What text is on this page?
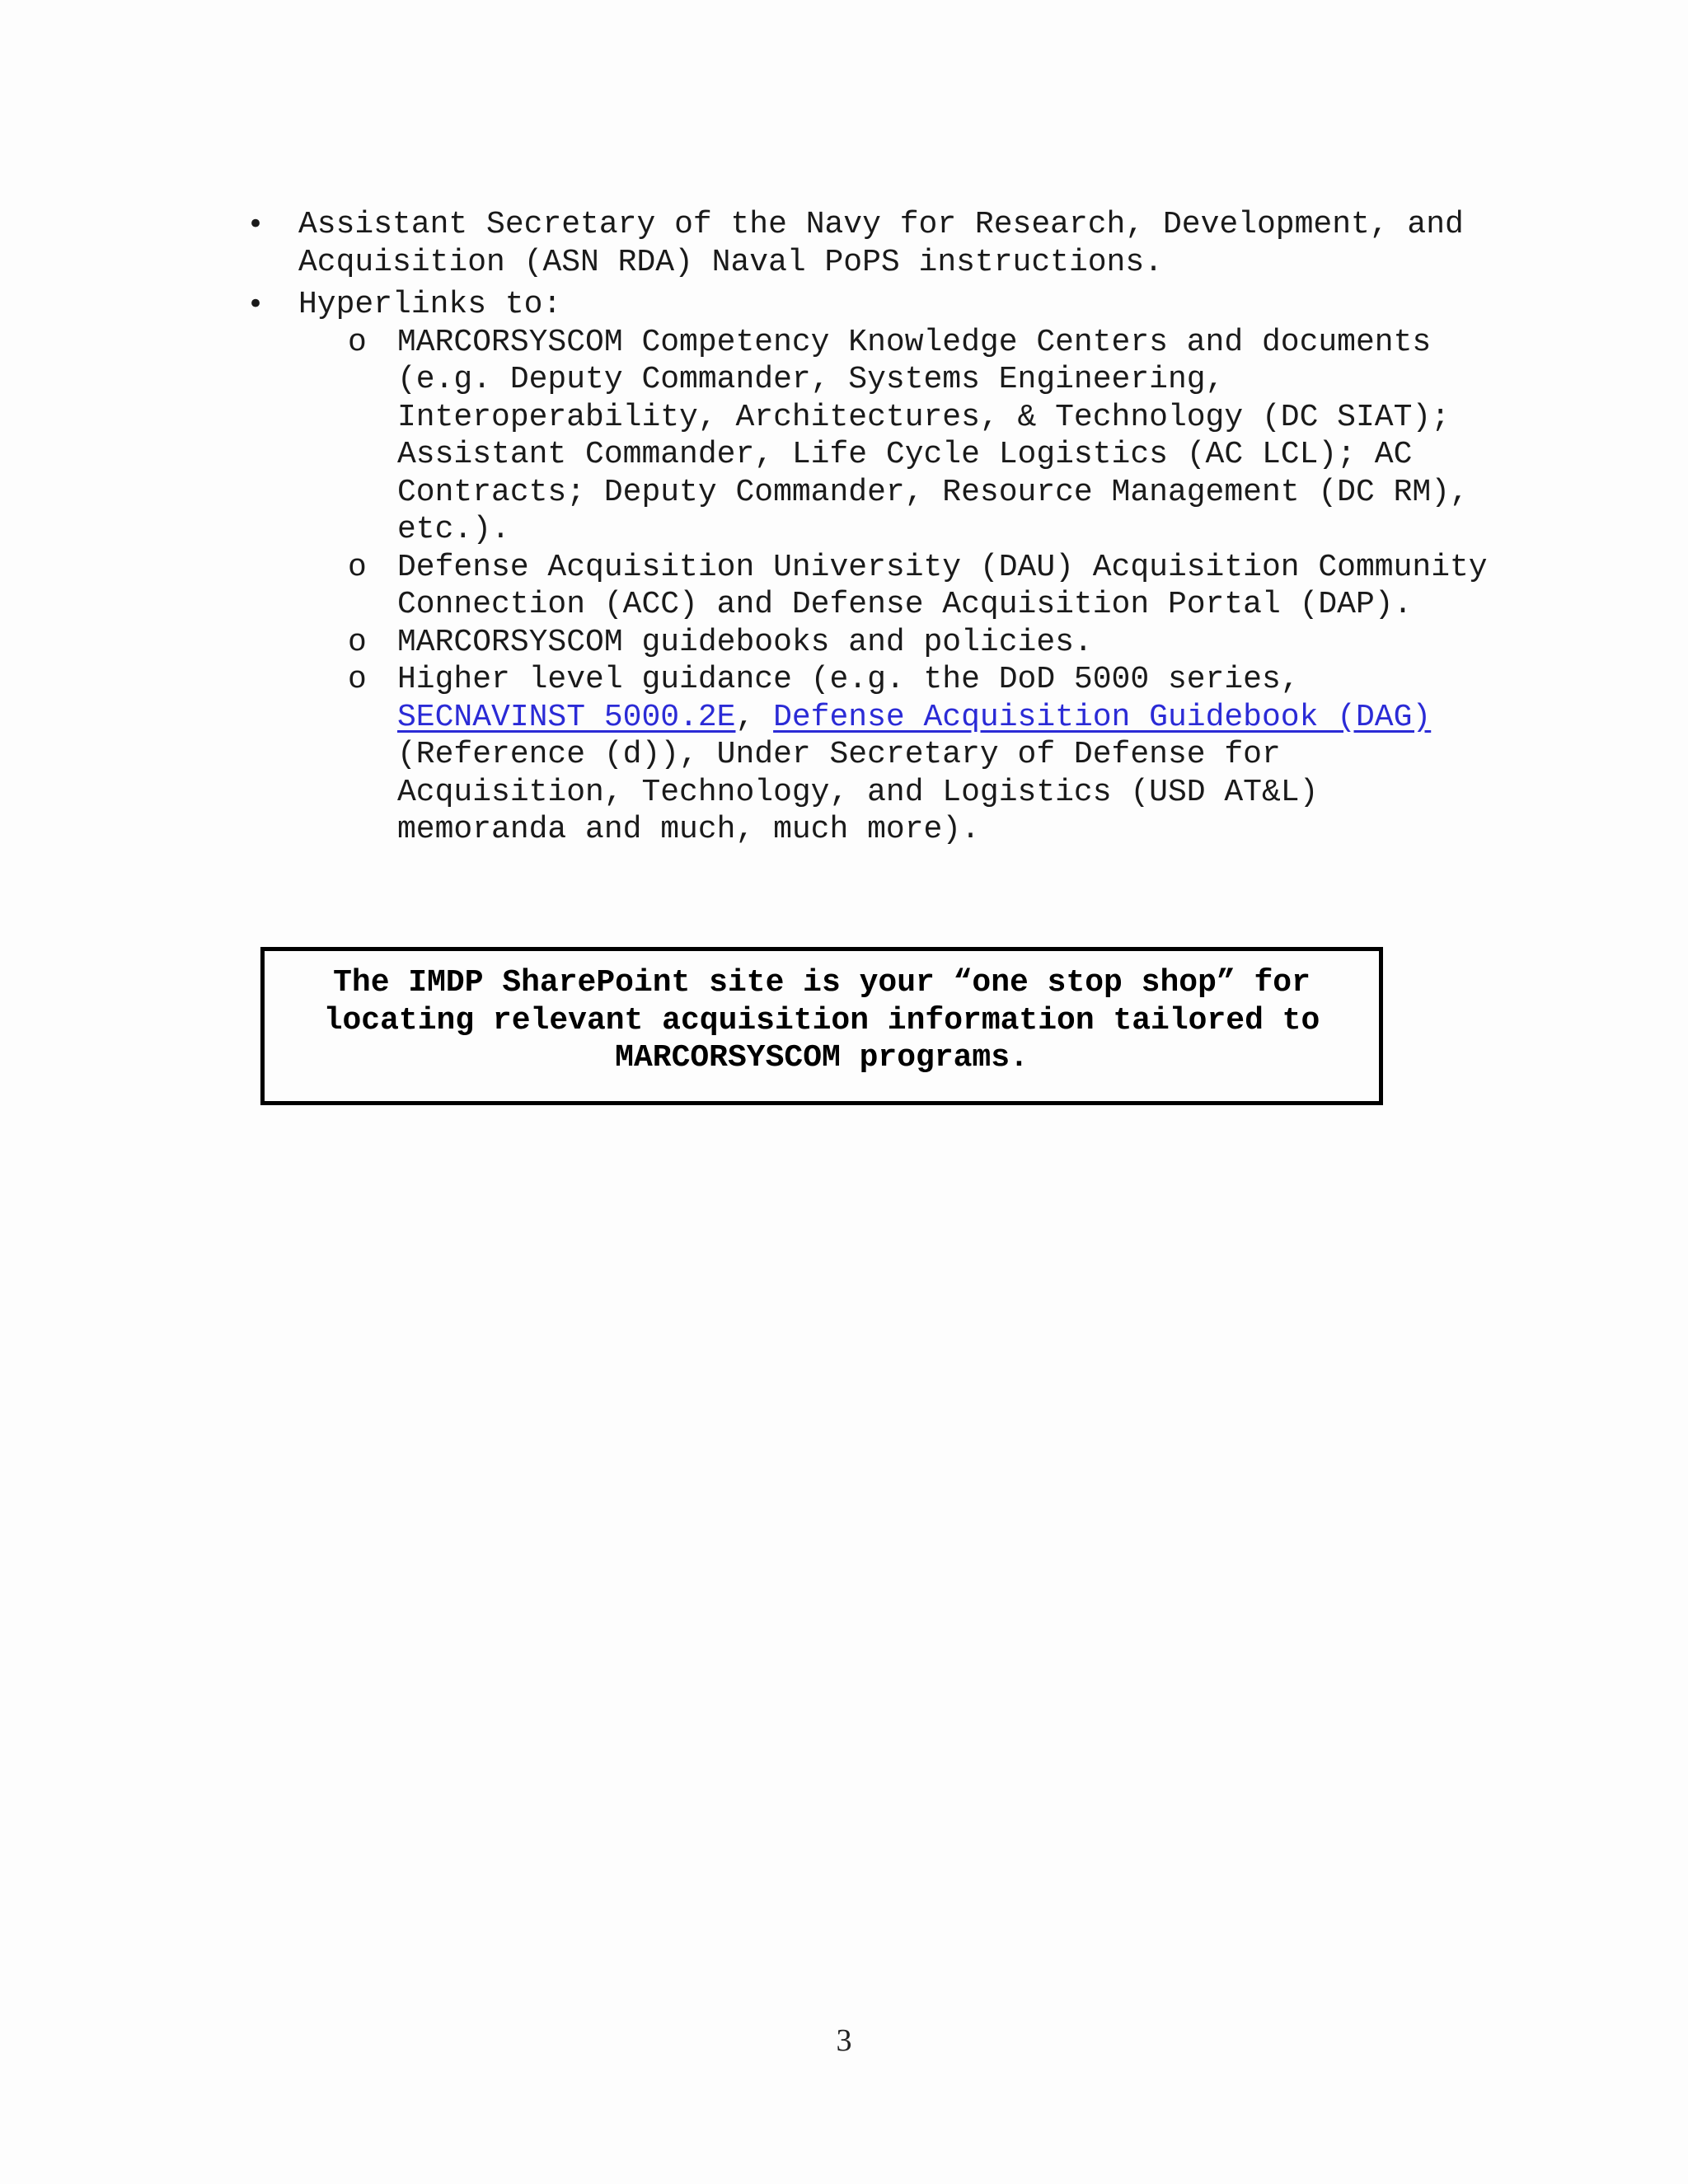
• Assistant Secretary of the Navy for Research, Development, and Acquisition (ASN RDA) Naval PoPS instructions.
• Hyperlinks to:
o MARCORSYSCOM Competency Knowledge Centers and documents (e.g. Deputy Commander, Systems Engineering, Interoperability, Architectures, & Technology (DC SIAT); Assistant Commander, Life Cycle Logistics (AC LCL); AC Contracts; Deputy Commander, Resource Management (DC RM), etc.).
o Defense Acquisition University (DAU) Acquisition Community Connection (ACC) and Defense Acquisition Portal (DAP).
o MARCORSYSCOM guidebooks and policies.
o Higher level guidance (e.g. the DoD 5000 series, SECNAVINST 5000.2E, Defense Acquisition Guidebook (DAG) (Reference (d)), Under Secretary of Defense for Acquisition, Technology, and Logistics (USD AT&L) memoranda and much, much more).
The IMDP SharePoint site is your “one stop shop” for
locating relevant acquisition information tailored to
MARCORSYSCOM programs.
3
